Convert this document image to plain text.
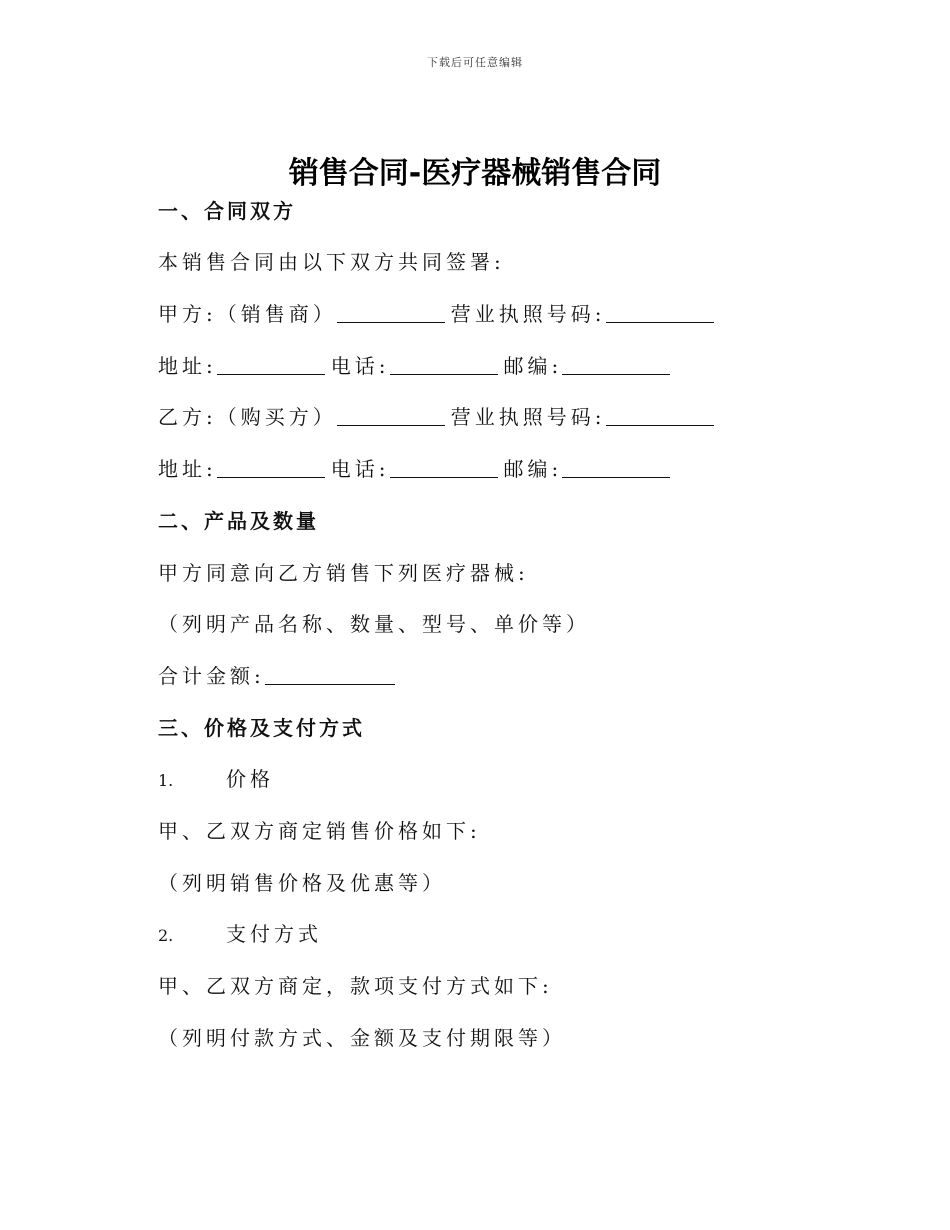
下载后可任意编辑
销售合同-医疗器械销售合同
一、合同双方
本销售合同由以下双方共同签署:
甲方:（销售商）	营业执照号码:
地址:	电话:	邮编:
乙方:（购买方）	营业执照号码:
地址:	电话:	邮编:
二、产品及数量
甲方同意向乙方销售下列医疗器械:
（列明产品名称、数量、型号、单价等）
合计金额:
三、价格及支付方式
1.	价格
甲、乙双方商定销售价格如下:
（列明销售价格及优惠等）
2.	支付方式
甲、乙双方商定，款项支付方式如下:
（列明付款方式、金额及支付期限等）
